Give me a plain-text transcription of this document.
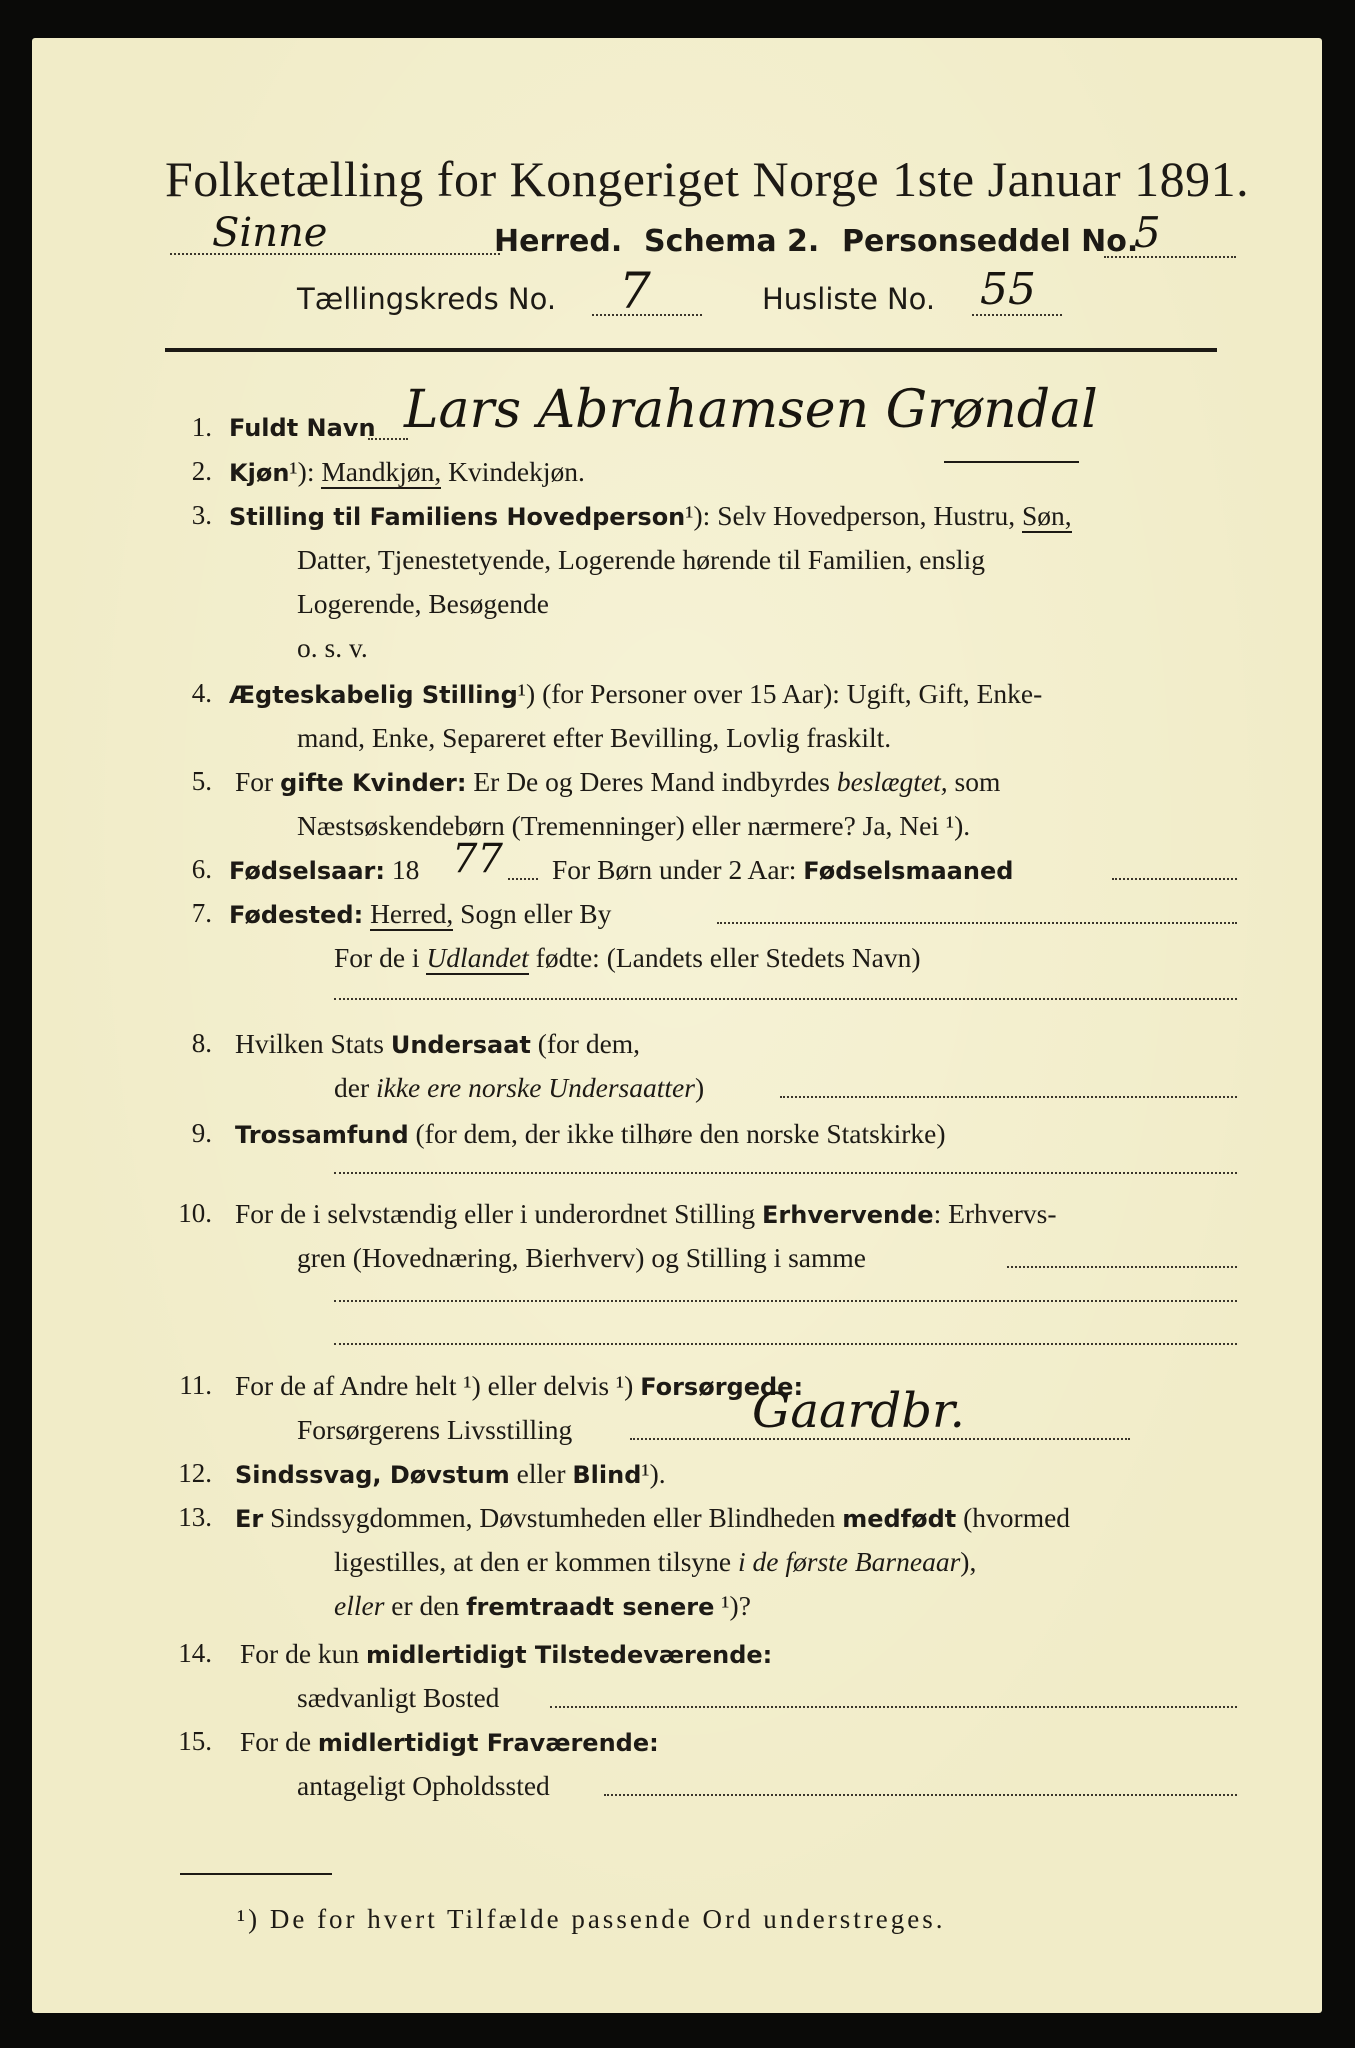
Folketælling for Kongeriget Norge 1ste Januar 1891.
Sinne	Herred. Schema 2. Personseddel No.
5
Tællingskreds No. 7	Husliste No. 55
1. Fuldt Navn Lars Abrahamsen Grøndal
2. Kjøn¹): Mandkjøn, Kvindekjøn.
3. Stilling til Familiens Hovedperson¹): Selv Hovedperson, Hustru, Søn,
Datter, Tjenestetyende, Logerende hørende til Familien, enslig
Logerende, Besøgende
o. s. v.
4. Ægteskabelig Stilling¹) (for Personer over 15 Aar): Ugift, Gift, Enke-
mand, Enke, Separeret efter Bevilling, Lovlig fraskilt.
5. For gifte Kvinder: Er De og Deres Mand indbyrdes beslægtet, som
Næstsøskendebørn (Tremenninger) eller nærmere? Ja, Nei ¹).
6. Fødselsaar: 18 77 For Børn under 2 Aar: Fødselsmaaned
7. Fødested: Herred, Sogn eller By
For de i Udlandet fødte: (Landets eller Stedets Navn)
8. Hvilken Stats Undersaat (for dem,
der ikke ere norske Undersaatter)
9. Trossamfund (for dem, der ikke tilhøre den norske Statskirke)
10. For de i selvstændig eller i underordnet Stilling Erhvervende: Erhvervs-
gren (Hovednæring, Bierhverv) og Stilling i samme
11. For de af Andre helt ¹) eller delvis ¹) Forsørgede:
Forsørgerens Livsstilling	Gaardbr.
12. Sindssvag, Døvstum eller Blind¹).
13. Er Sindssygdommen, Døvstumheden eller Blindheden medfødt (hvormed
ligestilles, at den er kommen tilsyne i de første Barneaar),
eller er den fremtraadt senere ¹)?
14. For de kun midlertidigt Tilstedeværende:
sædvanligt Bosted
15. For de midlertidigt Fraværende:
antageligt Opholdssted
¹) De for hvert Tilfælde passende Ord understreges.
